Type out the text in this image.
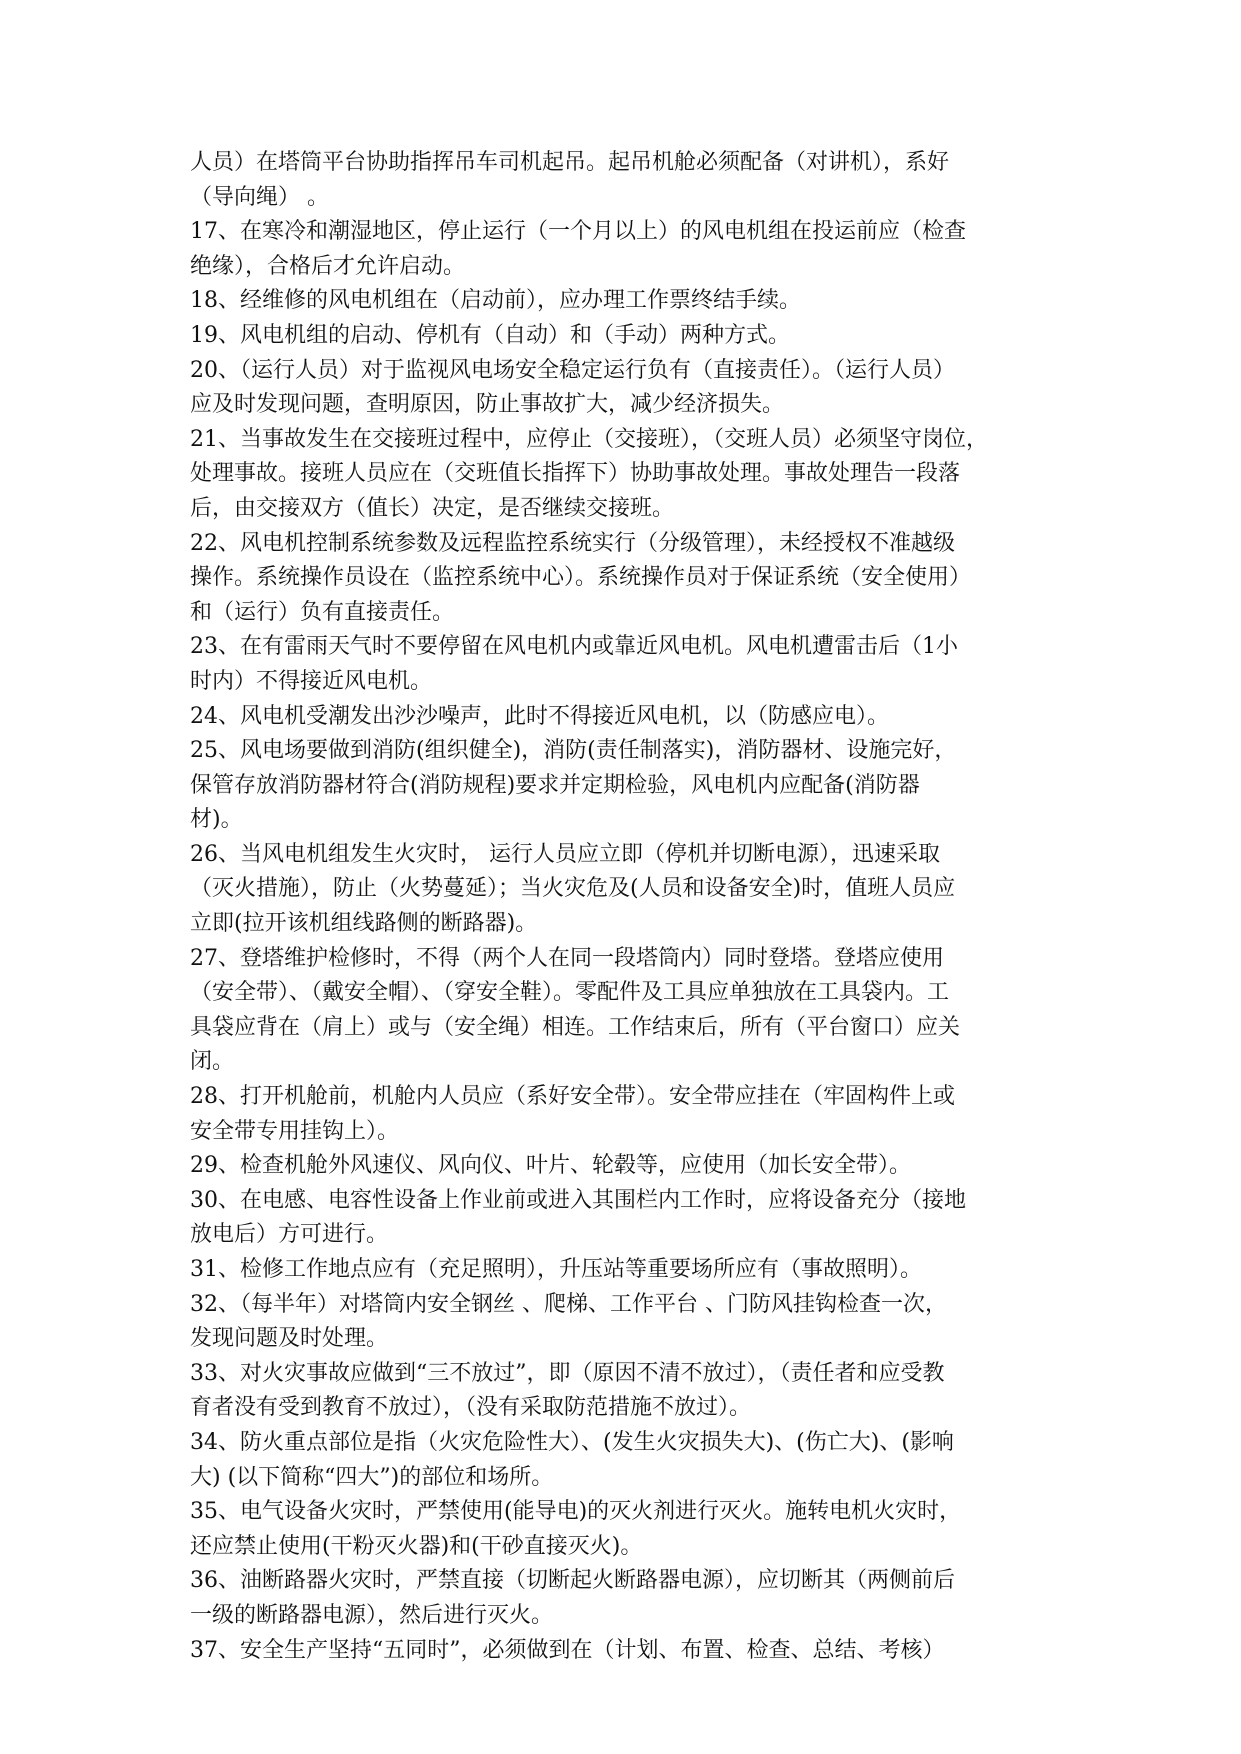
人员）在塔筒平台协助指挥吊车司机起吊。起吊机舱必须配备（对讲机），系好
（导向绳） 。
17、在寒冷和潮湿地区，停止运行（一个月以上）的风电机组在投运前应（检查
绝缘），合格后才允许启动。
18、经维修的风电机组在（启动前），应办理工作票终结手续。
19、风电机组的启动、停机有（自动）和（手动）两种方式。
20、（运行人员）对于监视风电场安全稳定运行负有（直接责任）。（运行人员）
应及时发现问题，查明原因，防止事故扩大，减少经济损失。
21、当事故发生在交接班过程中，应停止（交接班），（交班人员）必须坚守岗位，
处理事故。接班人员应在（交班值长指挥下）协助事故处理。事故处理告一段落
后，由交接双方（值长）决定，是否继续交接班。
22、风电机控制系统参数及远程监控系统实行（分级管理），未经授权不准越级
操作。系统操作员设在（监控系统中心）。系统操作员对于保证系统（安全使用）
和（运行）负有直接责任。
23、在有雷雨天气时不要停留在风电机内或靠近风电机。风电机遭雷击后（1小
时内）不得接近风电机。
24、风电机受潮发出沙沙噪声，此时不得接近风电机，以（防感应电）。
25、风电场要做到消防(组织健全)，消防(责任制落实)，消防器材、设施完好，
保管存放消防器材符合(消防规程)要求并定期检验，风电机内应配备(消防器
材)。
26、当风电机组发生火灾时， 运行人员应立即（停机并切断电源），迅速采取
（灭火措施），防止（火势蔓延）；当火灾危及(人员和设备安全)时，值班人员应
立即(拉开该机组线路侧的断路器)。
27、登塔维护检修时，不得（两个人在同一段塔筒内）同时登塔。登塔应使用
（安全带）、（戴安全帽）、（穿安全鞋）。零配件及工具应单独放在工具袋内。工
具袋应背在（肩上）或与（安全绳）相连。工作结束后，所有（平台窗口）应关
闭。
28、打开机舱前，机舱内人员应（系好安全带）。安全带应挂在（牢固构件上或
安全带专用挂钩上）。
29、检查机舱外风速仪、风向仪、叶片、轮毂等，应使用（加长安全带）。
30、在电感、电容性设备上作业前或进入其围栏内工作时，应将设备充分（接地
放电后）方可进行。
31、检修工作地点应有（充足照明），升压站等重要场所应有（事故照明）。
32、（每半年）对塔筒内安全钢丝 、爬梯、工作平台 、门防风挂钩检查一次，
发现问题及时处理。
33、对火灾事故应做到“三不放过”，即（原因不清不放过），（责任者和应受教
育者没有受到教育不放过），（没有采取防范措施不放过）。
34、防火重点部位是指（火灾危险性大）、(发生火灾损失大)、(伤亡大)、(影响
大) (以下简称“四大”)的部位和场所。
35、电气设备火灾时，严禁使用(能导电)的灭火剂进行灭火。施转电机火灾时，
还应禁止使用(干粉灭火器)和(干砂直接灭火)。
36、油断路器火灾时，严禁直接（切断起火断路器电源），应切断其（两侧前后
一级的断路器电源），然后进行灭火。
37、安全生产坚持“五同时”，必须做到在（计划、布置、检查、总结、考核）
